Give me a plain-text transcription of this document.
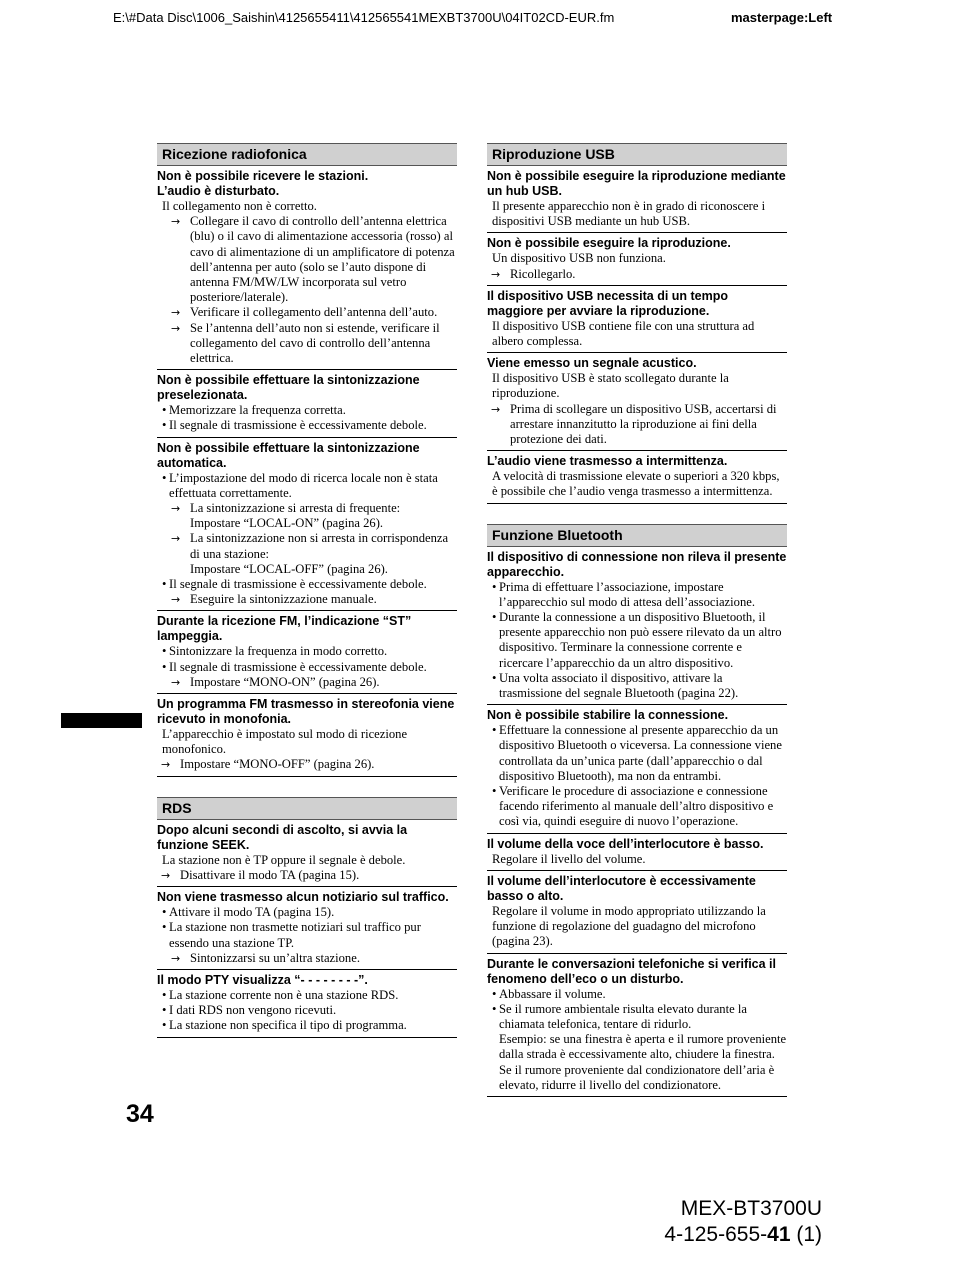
E:\#Data Disc\1006_Saishin\4125655411\412565541MEXBT3700U\04IT02CD-EUR.fm	masterpage:Left
Ricezione radiofonica
Non è possibile ricevere le stazioni.
L’audio è disturbato.
Il collegamento non è corretto.
→ Collegare il cavo di controllo dell’antenna elettrica (blu) o il cavo di alimentazione accessoria (rosso) al cavo di alimentazione di un amplificatore di potenza dell’antenna per auto (solo se l’auto dispone di antenna FM/MW/LW incorporata sul vetro posteriore/laterale).
→ Verificare il collegamento dell’antenna dell’auto.
→ Se l’antenna dell’auto non si estende, verificare il collegamento del cavo di controllo dell’antenna elettrica.
Non è possibile effettuare la sintonizzazione preselezionata.
• Memorizzare la frequenza corretta.
• Il segnale di trasmissione è eccessivamente debole.
Non è possibile effettuare la sintonizzazione automatica.
• L’impostazione del modo di ricerca locale non è stata effettuata correttamente.
→ La sintonizzazione si arresta di frequente:
Impostare “LOCAL-ON” (pagina 26).
→ La sintonizzazione non si arresta in corrispondenza di una stazione:
Impostare “LOCAL-OFF” (pagina 26).
• Il segnale di trasmissione è eccessivamente debole.
→ Eseguire la sintonizzazione manuale.
Durante la ricezione FM, l’indicazione “ST” lampeggia.
• Sintonizzare la frequenza in modo corretto.
• Il segnale di trasmissione è eccessivamente debole.
→ Impostare “MONO-ON” (pagina 26).
Un programma FM trasmesso in stereofonia viene ricevuto in monofonia.
L’apparecchio è impostato sul modo di ricezione monofonico.
→ Impostare “MONO-OFF” (pagina 26).
RDS
Dopo alcuni secondi di ascolto, si avvia la funzione SEEK.
La stazione non è TP oppure il segnale è debole.
→ Disattivare il modo TA (pagina 15).
Non viene trasmesso alcun notiziario sul traffico.
• Attivare il modo TA (pagina 15).
• La stazione non trasmette notiziari sul traffico pur essendo una stazione TP.
→ Sintonizzarsi su un’altra stazione.
Il modo PTY visualizza “- - - - - - - -”.
• La stazione corrente non è una stazione RDS.
• I dati RDS non vengono ricevuti.
• La stazione non specifica il tipo di programma.
Riproduzione USB
Non è possibile eseguire la riproduzione mediante un hub USB.
Il presente apparecchio non è in grado di riconoscere i dispositivi USB mediante un hub USB.
Non è possibile eseguire la riproduzione.
Un dispositivo USB non funziona.
→ Ricollegarlo.
Il dispositivo USB necessita di un tempo maggiore per avviare la riproduzione.
Il dispositivo USB contiene file con una struttura ad albero complessa.
Viene emesso un segnale acustico.
Il dispositivo USB è stato scollegato durante la riproduzione.
→ Prima di scollegare un dispositivo USB, accertarsi di arrestare innanzitutto la riproduzione ai fini della protezione dei dati.
L’audio viene trasmesso a intermittenza.
A velocità di trasmissione elevate o superiori a 320 kbps, è possibile che l’audio venga trasmesso a intermittenza.
Funzione Bluetooth
Il dispositivo di connessione non rileva il presente apparecchio.
• Prima di effettuare l’associazione, impostare l’apparecchio sul modo di attesa dell’associazione.
• Durante la connessione a un dispositivo Bluetooth, il presente apparecchio non può essere rilevato da un altro dispositivo. Terminare la connessione corrente e ricercare l’apparecchio da un altro dispositivo.
• Una volta associato il dispositivo, attivare la trasmissione del segnale Bluetooth (pagina 22).
Non è possibile stabilire la connessione.
• Effettuare la connessione al presente apparecchio da un dispositivo Bluetooth o viceversa. La connessione viene controllata da un’unica parte (dall’apparecchio o dal dispositivo Bluetooth), ma non da entrambi.
• Verificare le procedure di associazione e connessione facendo riferimento al manuale dell’altro dispositivo e così via, quindi eseguire di nuovo l’operazione.
Il volume della voce dell’interlocutore è basso.
Regolare il livello del volume.
Il volume dell’interlocutore è eccessivamente basso o alto.
Regolare il volume in modo appropriato utilizzando la funzione di regolazione del guadagno del microfono (pagina 23).
Durante le conversazioni telefoniche si verifica il fenomeno dell’eco o un disturbo.
• Abbassare il volume.
• Se il rumore ambientale risulta elevato durante la chiamata telefonica, tentare di ridurlo.
Esempio: se una finestra è aperta e il rumore proveniente dalla strada è eccessivamente alto, chiudere la finestra. Se il rumore proveniente dal condizionatore dell’aria è elevato, ridurre il livello del condizionatore.
34
MEX-BT3700U
4-125-655-41 (1)
